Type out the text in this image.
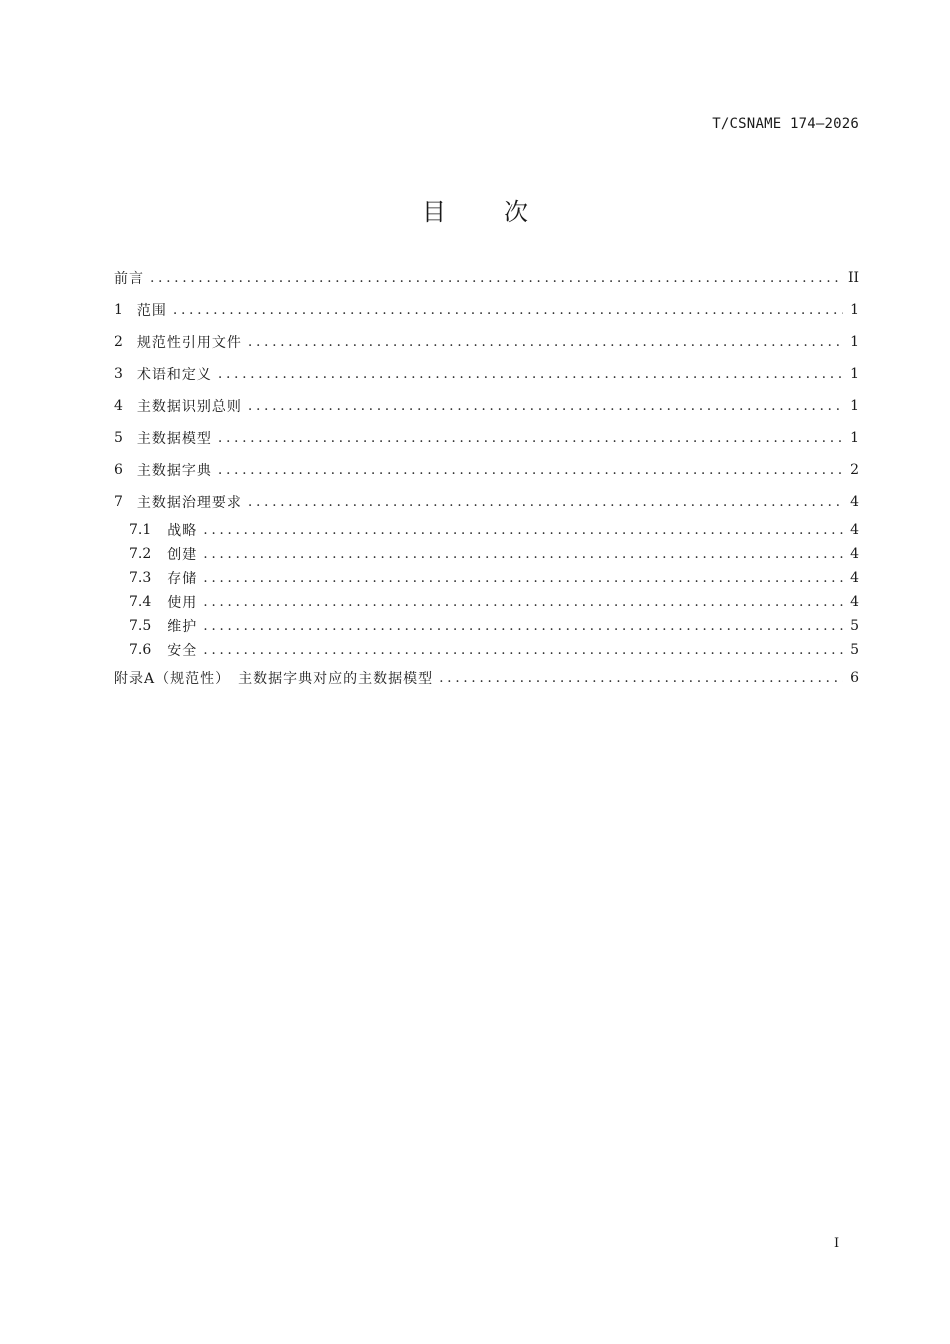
T/CSNAME 174—2026
目次
前言 .....	II
1 范围 .....	1
2 规范性引用文件 .....	1
3 术语和定义 .....	1
4 主数据识别总则 .....	1
5 主数据模型 .....	1
6 主数据字典 .....	2
7 主数据治理要求 .....	4
7.1 战略 .....	4
7.2 创建 .....	4
7.3 存储 .....	4
7.4 使用 .....	4
7.5 维护 .....	5
7.6 安全 .....	5
附录A（规范性）　主数据字典对应的主数据模型 .....	6
I
